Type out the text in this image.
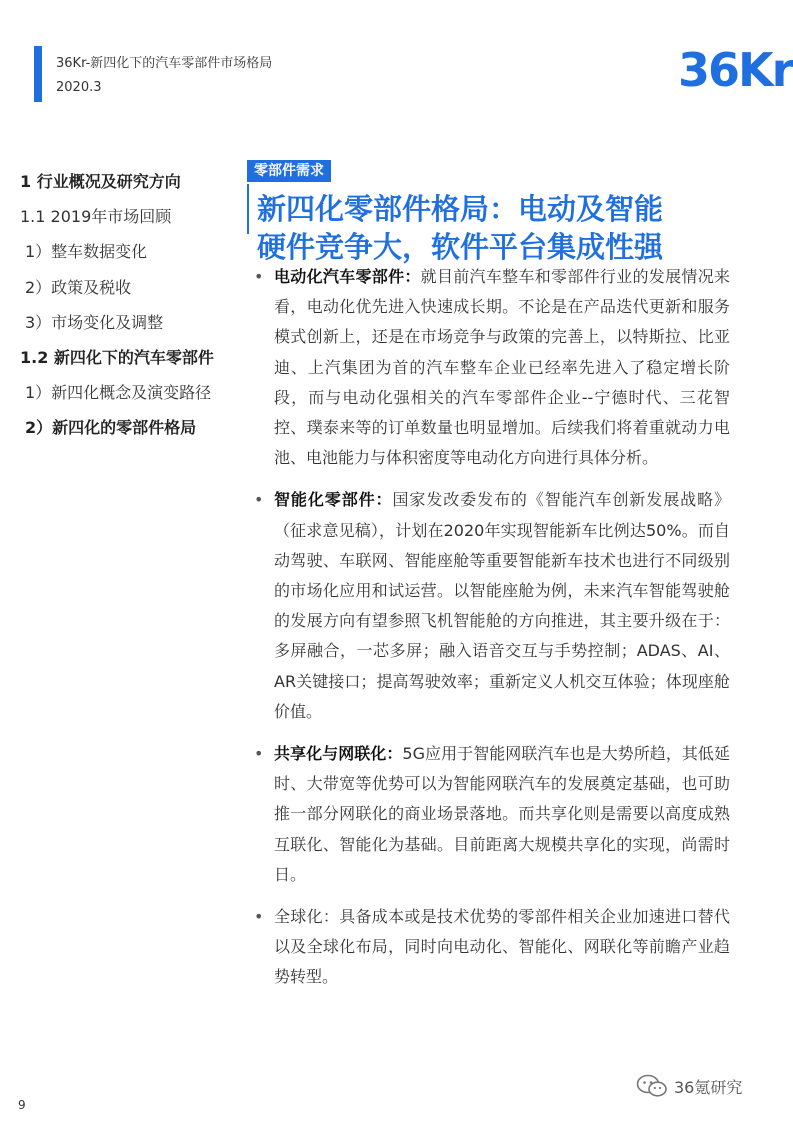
36Kr-新四化下的汽车零部件市场格局
2020.3	36Kr
1 行业概况及研究方向
1.1 2019年市场回顾
1）整车数据变化
2）政策及税收
3）市场变化及调整
1.2 新四化下的汽车零部件
1）新四化概念及演变路径
2）新四化的零部件格局
零部件需求
新四化零部件格局：电动及智能
硬件竞争大，软件平台集成性强
• 电动化汽车零部件：就目前汽车整车和零部件行业的发展情况来看，电动化优先进入快速成长期。不论是在产品迭代更新和服务模式创新上，还是在市场竞争与政策的完善上，以特斯拉、比亚迪、上汽集团为首的汽车整车企业已经率先进入了稳定增长阶段，而与电动化强相关的汽车零部件企业--宁德时代、三花智控、璞泰来等的订单数量也明显增加。后续我们将着重就动力电池、电池能力与体积密度等电动化方向进行具体分析。
• 智能化零部件：国家发改委发布的《智能汽车创新发展战略》（征求意见稿），计划在2020年实现智能新车比例达50%。而自动驾驶、车联网、智能座舱等重要智能新车技术也进行不同级别的市场化应用和试运营。以智能座舱为例，未来汽车智能驾驶舱的发展方向有望参照飞机智能舱的方向推进，其主要升级在于：多屏融合，一芯多屏；融入语音交互与手势控制；ADAS、AI、AR关键接口；提高驾驶效率；重新定义人机交互体验；体现座舱价值。
• 共享化与网联化：5G应用于智能网联汽车也是大势所趋，其低延时、大带宽等优势可以为智能网联汽车的发展奠定基础，也可助推一部分网联化的商业场景落地。而共享化则是需要以高度成熟互联化、智能化为基础。目前距离大规模共享化的实现，尚需时日。
• 全球化：具备成本或是技术优势的零部件相关企业加速进口替代以及全球化布局，同时向电动化、智能化、网联化等前瞻产业趋势转型。
9
36氪研究
